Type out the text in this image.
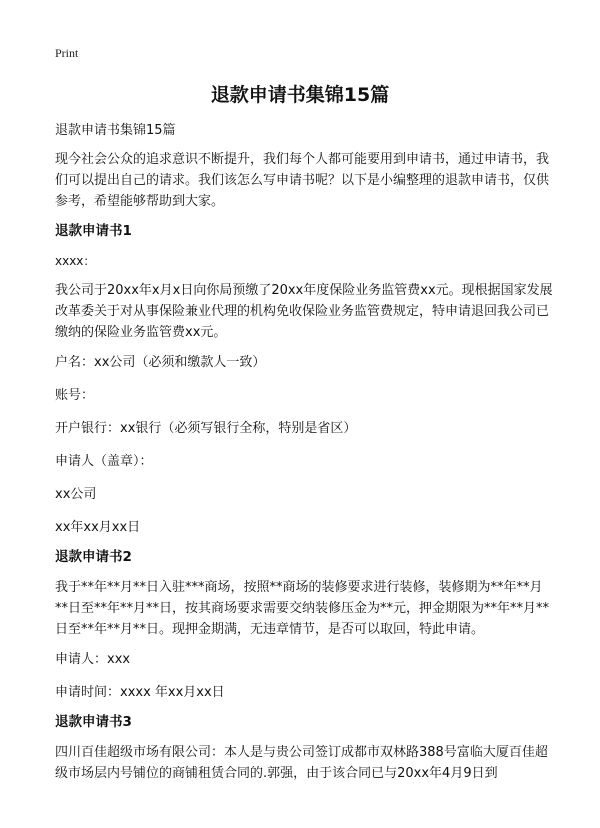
Print
退款申请书集锦15篇

退款申请书集锦15篇

现今社会公众的追求意识不断提升，我们每个人都可能要用到申请书，通过申请书，我们可以提出自己的请求。我们该怎么写申请书呢？以下是小编整理的退款申请书，仅供参考，希望能够帮助到大家。

退款申请书1

xxxx：

我公司于20xx年x月x日向你局预缴了20xx年度保险业务监管费xx元。现根据国家发展改革委关于对从事保险兼业代理的机构免收保险业务监管费规定，特申请退回我公司已缴纳的保险业务监管费xx元。

户名：xx公司（必须和缴款人一致）

账号：

开户银行：xx银行（必须写银行全称，特别是省区）

申请人（盖章）：

xx公司

xx年xx月xx日

退款申请书2

我于**年**月**日入驻***商场，按照**商场的装修要求进行装修，装修期为**年**月**日至**年**月**日，按其商场要求需要交纳装修压金为**元，押金期限为**年**月**日至**年**月**日。现押金期满，无违章情节，是否可以取回，特此申请。

申请人：xxx

申请时间：xxxx 年xx月xx日

退款申请书3

四川百佳超级市场有限公司：本人是与贵公司签订成都市双林路388号富临大厦百佳超级市场层内号铺位的商铺租赁合同的.郭强，由于该合同已与20xx年4月9日到
